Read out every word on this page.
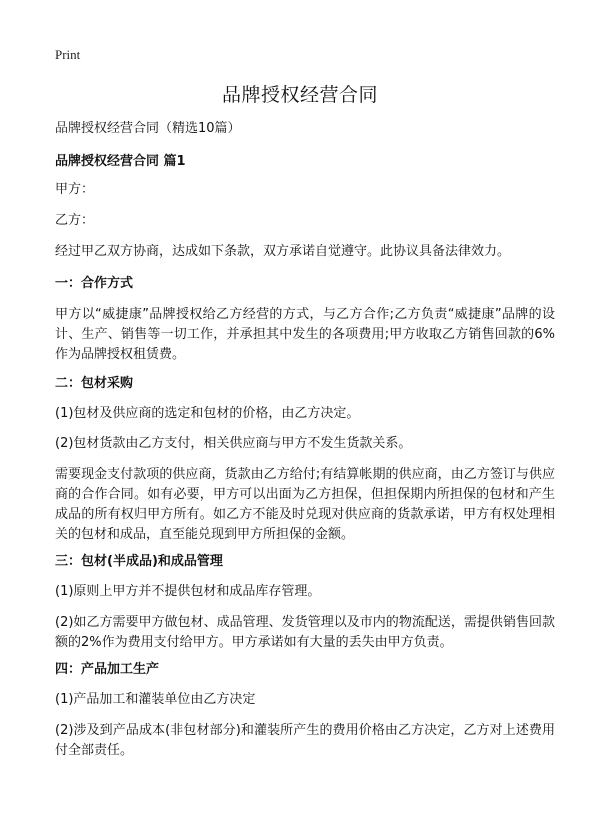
Print
品牌授权经营合同

品牌授权经营合同（精选10篇）

品牌授权经营合同 篇1

甲方：

乙方：

经过甲乙双方协商，达成如下条款，双方承诺自觉遵守。此协议具备法律效力。

一：合作方式

甲方以“威捷康”品牌授权给乙方经营的方式，与乙方合作;乙方负责“威捷康”品牌的设计、生产、销售等一切工作，并承担其中发生的各项费用;甲方收取乙方销售回款的6%作为品牌授权租赁费。

二：包材采购

(1)包材及供应商的选定和包材的价格，由乙方决定。

(2)包材货款由乙方支付，相关供应商与甲方不发生货款关系。

需要现金支付款项的供应商，货款由乙方给付;有结算帐期的供应商，由乙方签订与供应商的合作合同。如有必要，甲方可以出面为乙方担保，但担保期内所担保的包材和产生成品的所有权归甲方所有。如乙方不能及时兑现对供应商的货款承诺，甲方有权处理相关的包材和成品，直至能兑现到甲方所担保的金额。

三：包材(半成品)和成品管理

(1)原则上甲方并不提供包材和成品库存管理。

(2)如乙方需要甲方做包材、成品管理、发货管理以及市内的物流配送，需提供销售回款额的2%作为费用支付给甲方。甲方承诺如有大量的丢失由甲方负责。

四：产品加工生产

(1)产品加工和灌装单位由乙方决定

(2)涉及到产品成本(非包材部分)和灌装所产生的费用价格由乙方决定，乙方对上述费用付全部责任。
